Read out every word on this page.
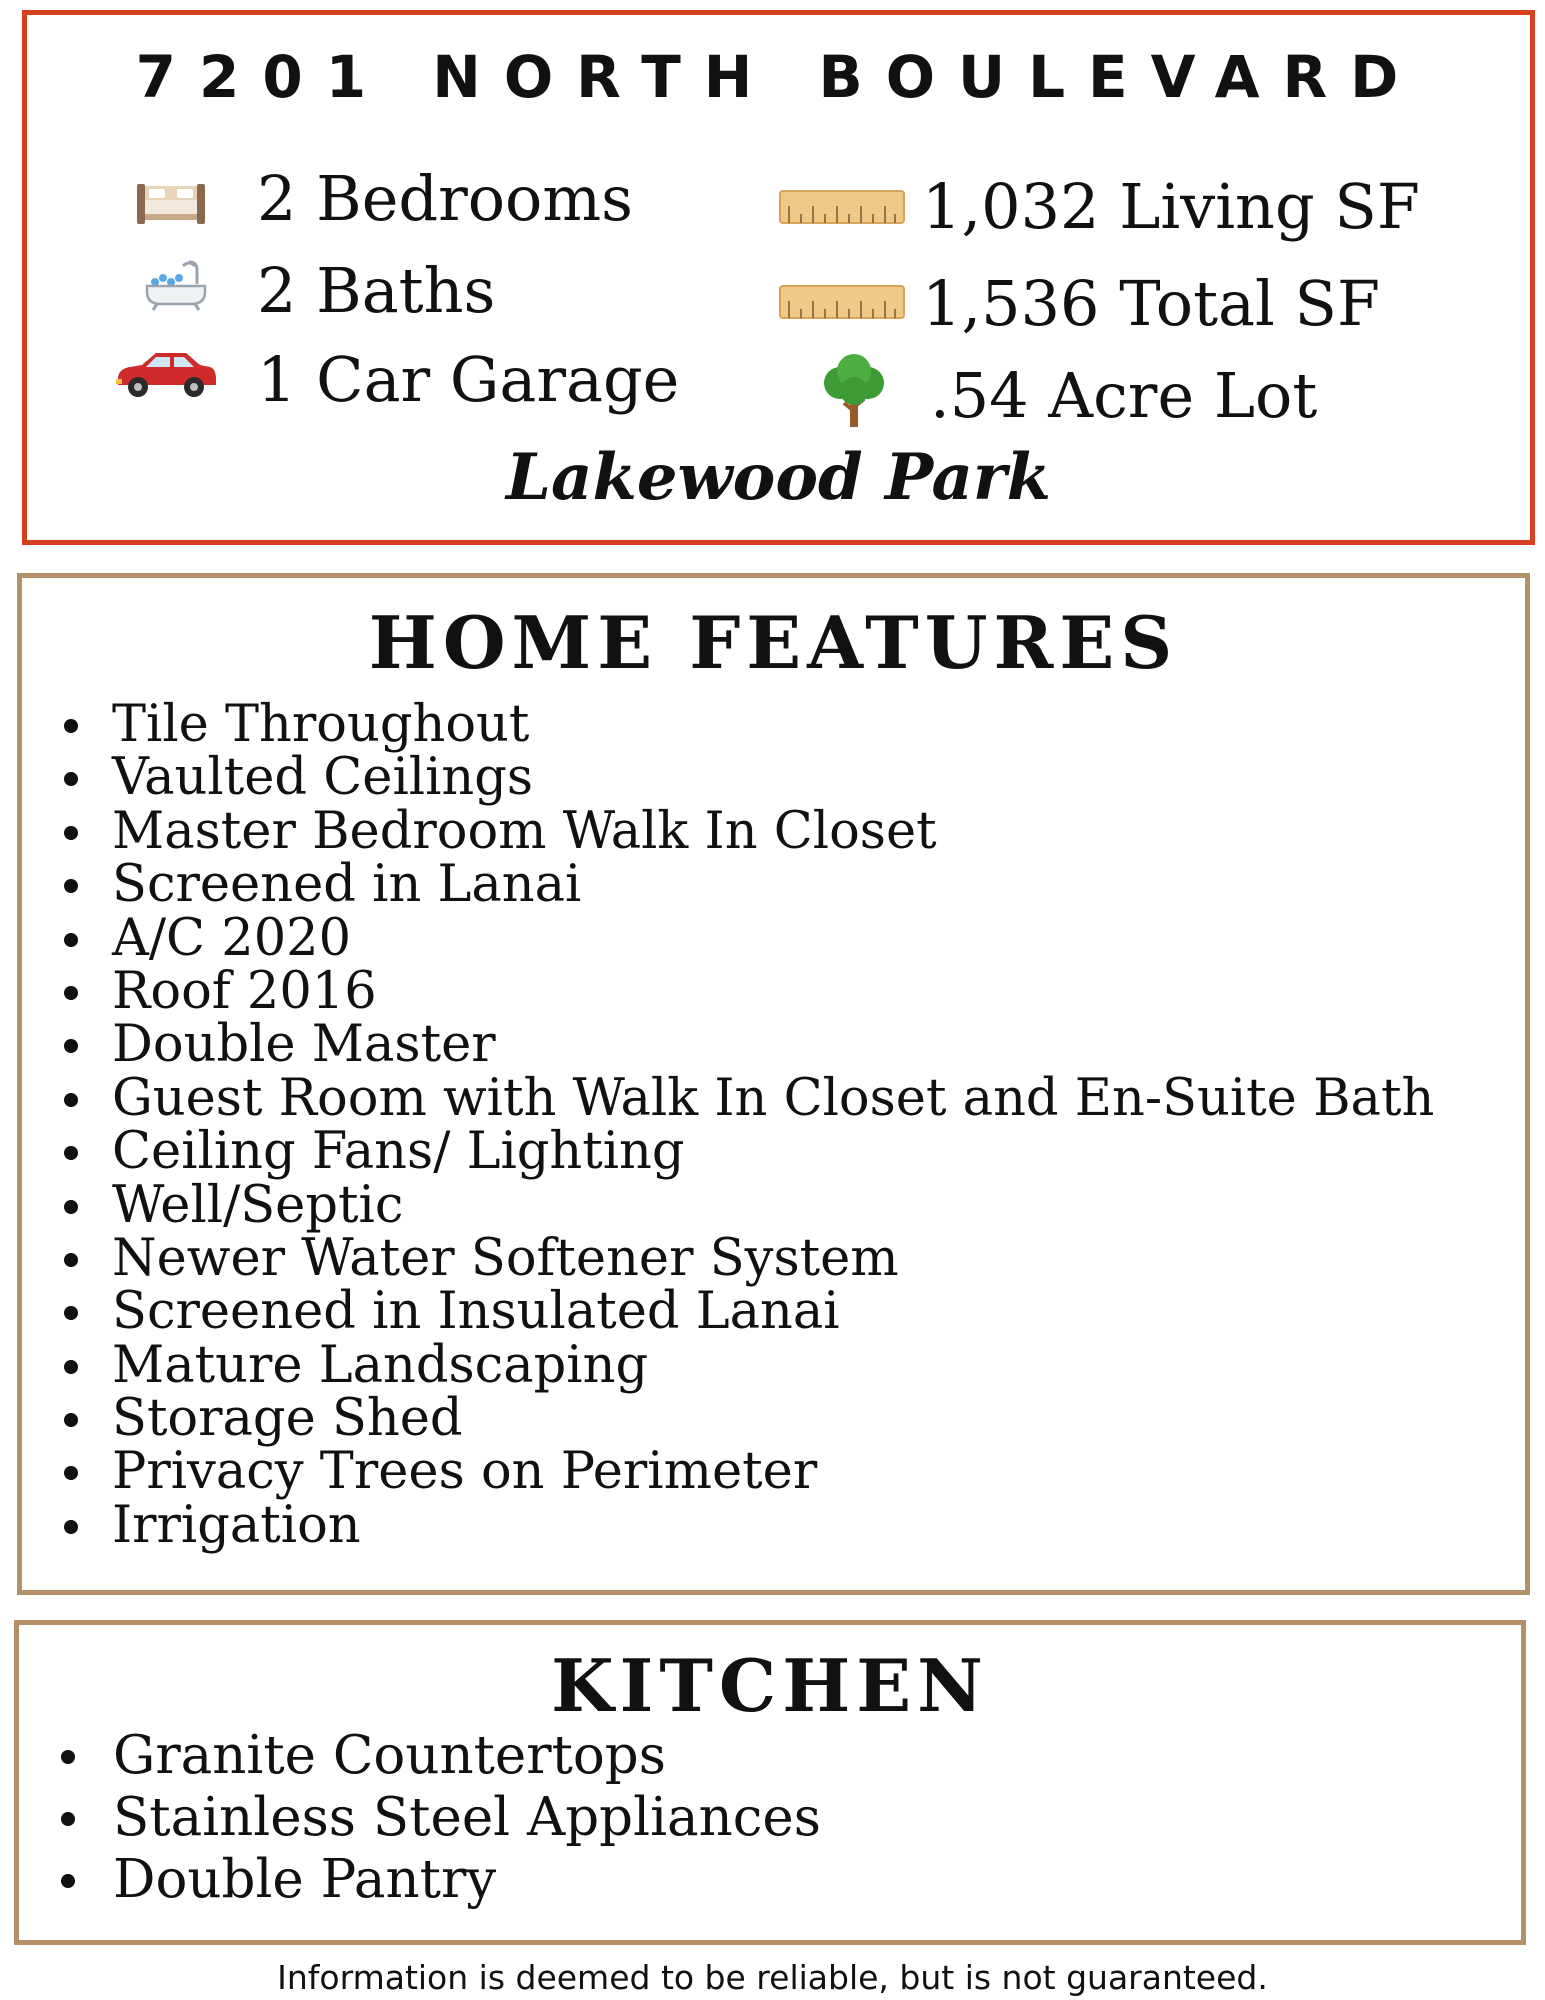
7201 NORTH BOULEVARD
2 Bedrooms
2 Baths
1 Car Garage
1,032 Living SF
1,536 Total SF
.54 Acre Lot
Lakewood Park
HOME FEATURES
Tile Throughout
Vaulted Ceilings
Master Bedroom Walk In Closet
Screened in Lanai
A/C 2020
Roof 2016
Double Master
Guest Room with Walk In Closet and En-Suite Bath
Ceiling Fans/ Lighting
Well/Septic
Newer Water Softener System
Screened in Insulated Lanai
Mature Landscaping
Storage Shed
Privacy Trees on Perimeter
Irrigation
KITCHEN
Granite Countertops
Stainless Steel Appliances
Double Pantry
Information is deemed to be reliable, but is not guaranteed.
